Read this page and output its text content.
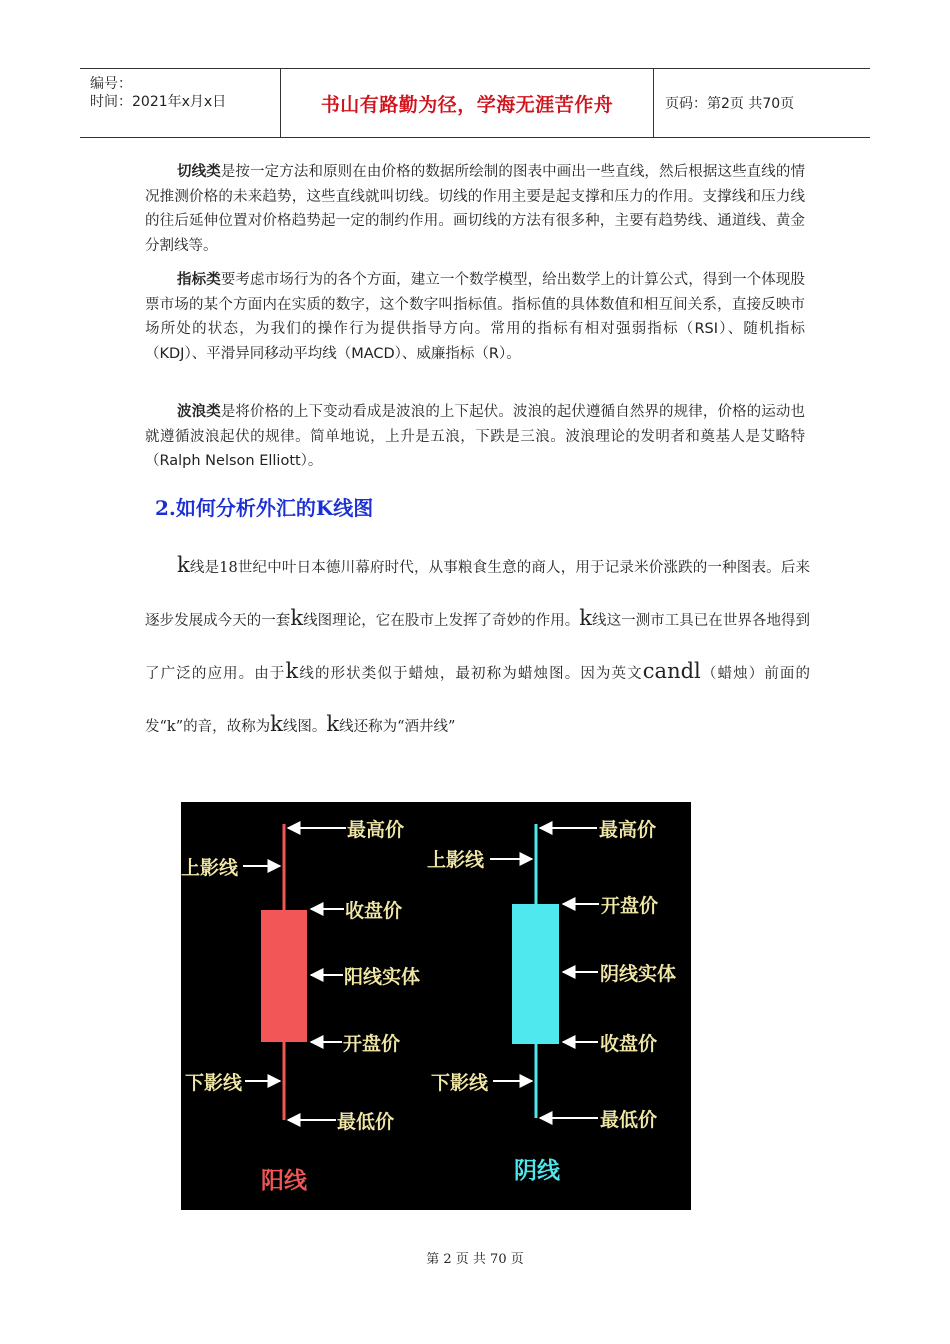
编号：
时间：2021年x月x日	书山有路勤为径，学海无涯苦作舟	页码：第2页 共70页
切线类是按一定方法和原则在由价格的数据所绘制的图表中画出一些直线，然后根据这些直线的情况推测价格的未来趋势，这些直线就叫切线。切线的作用主要是起支撑和压力的作用。支撑线和压力线的往后延伸位置对价格趋势起一定的制约作用。画切线的方法有很多种，主要有趋势线、通道线、黄金分割线等。
指标类要考虑市场行为的各个方面，建立一个数学模型，给出数学上的计算公式，得到一个体现股票市场的某个方面内在实质的数字，这个数字叫指标值。指标值的具体数值和相互间关系，直接反映市场所处的状态，为我们的操作行为提供指导方向。常用的指标有相对强弱指标（RSI）、随机指标（KDJ）、平滑异同移动平均线（MACD）、威廉指标（R）。
波浪类是将价格的上下变动看成是波浪的上下起伏。波浪的起伏遵循自然界的规律，价格的运动也就遵循波浪起伏的规律。简单地说，上升是五浪，下跌是三浪。波浪理论的发明者和奠基人是艾略特（Ralph Nelson Elliott）。
2.如何分析外汇的K线图
k线是18世纪中叶日本德川幕府时代，从事粮食生意的商人，用于记录米价涨跌的一种图表。后来逐步发展成今天的一套k线图理论，它在股市上发挥了奇妙的作用。k线这一测市工具已在世界各地得到了广泛的应用。由于k线的形状类似于蜡烛，最初称为蜡烛图。因为英文candl（蜡烛）前面的发“k”的音，故称为k线图。k线还称为“酒井线”
最高价
上影线
收盘价
阳线实体
开盘价
下影线
最低价
阳线
最高价
上影线
开盘价
阴线实体
收盘价
下影线
最低价
阴线
第 2 页 共 70 页
